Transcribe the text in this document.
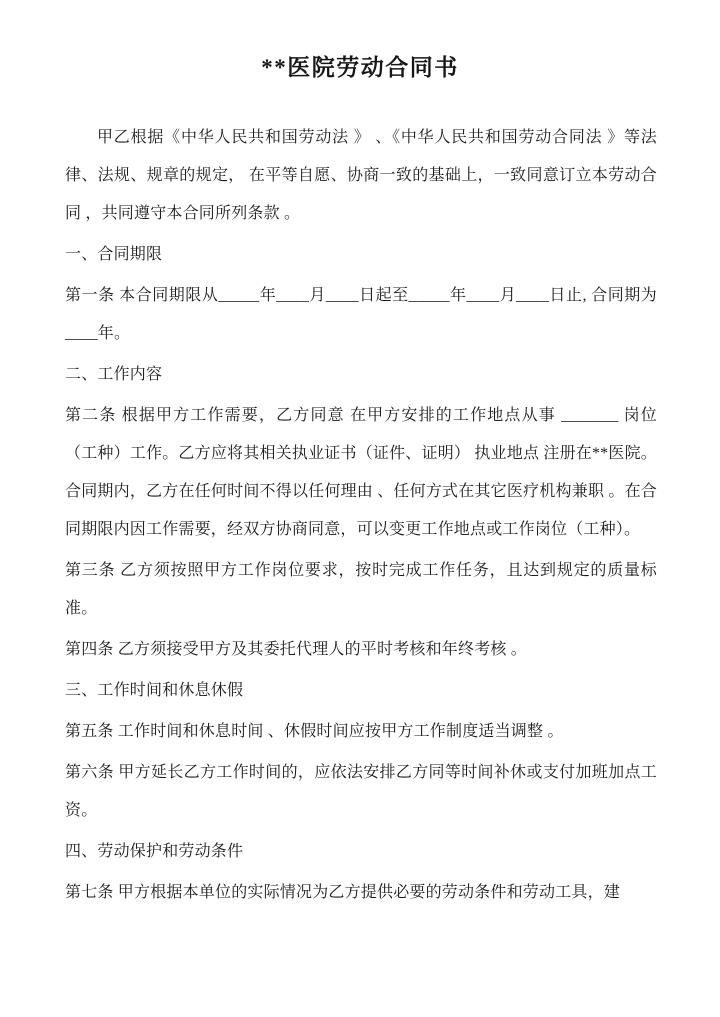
**医院劳动合同书

甲乙根据《中华人民共和国劳动法 》 、《中华人民共和国劳动合同法 》等法律、法规、规章的规定， 在平等自愿、协商一致的基础上，一致同意订立本劳动合同 ，共同遵守本合同所列条款 。

一、合同期限

第一条 本合同期限从_____年____月____日起至_____年____月____日止, 合同期为____年。

二、工作内容

第二条 根据甲方工作需要，乙方同意 在甲方安排的工作地点从事 _______ 岗位（工种）工作。乙方应将其相关执业证书（证件、证明） 执业地点 注册在**医院。合同期内，乙方在任何时间不得以任何理由 、任何方式在其它医疗机构兼职 。在合同期限内因工作需要，经双方协商同意，可以变更工作地点或工作岗位（工种）。

第三条 乙方须按照甲方工作岗位要求，按时完成工作任务，且达到规定的质量标准。

第四条 乙方须接受甲方及其委托代理人的平时考核和年终考核 。

三、工作时间和休息休假

第五条 工作时间和休息时间 、休假时间应按甲方工作制度适当调整 。

第六条 甲方延长乙方工作时间的，应依法安排乙方同等时间补休或支付加班加点工资。

四、劳动保护和劳动条件

第七条 甲方根据本单位的实际情况为乙方提供必要的劳动条件和劳动工具，建
